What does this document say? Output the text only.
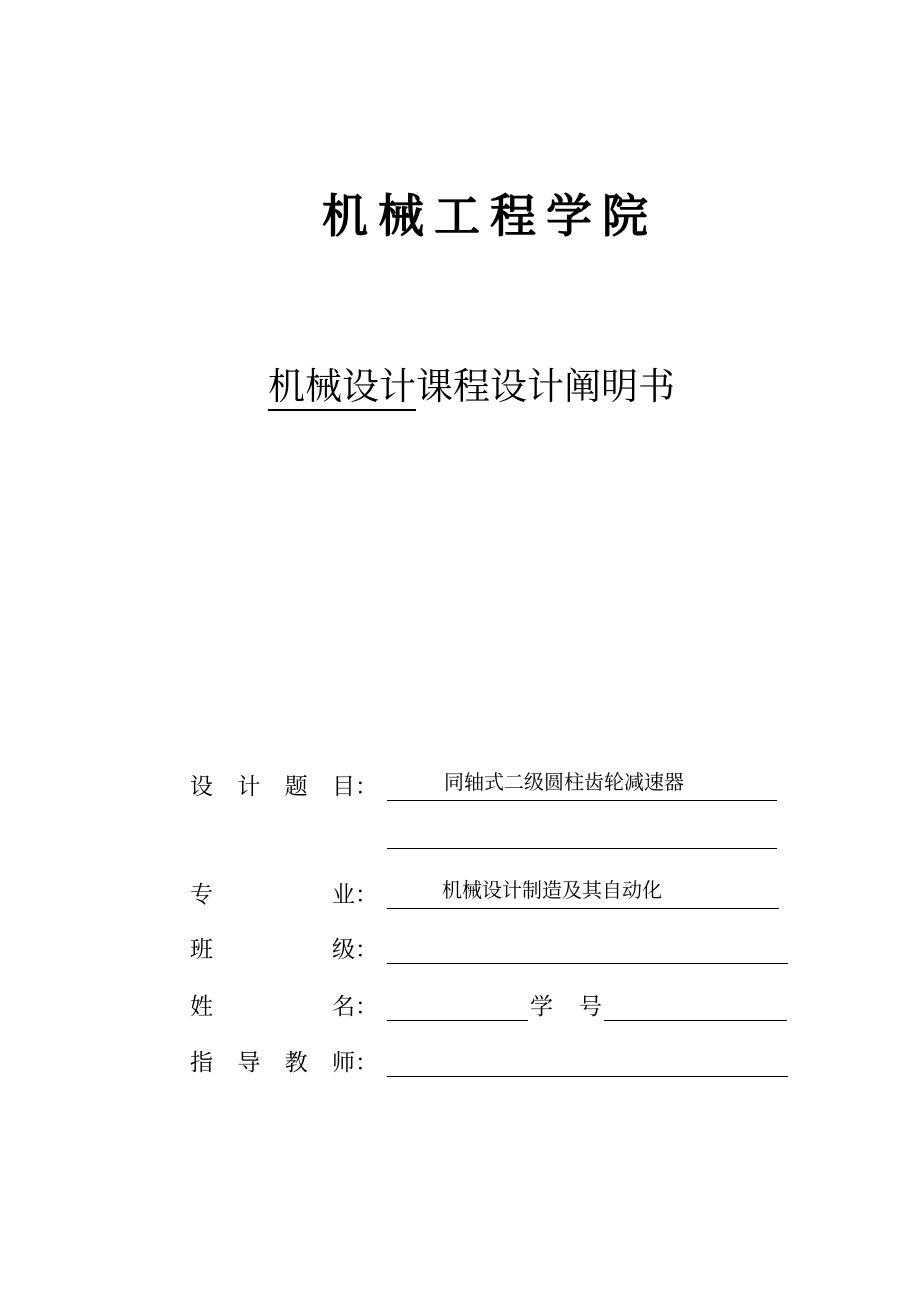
机械工程学院
机械设计课程设计阐明书
设 计 题 目：	同轴式二级圆柱齿轮减速器
专	业：	机械设计制造及其自动化
班	级：
姓	名：	学 号
指 导 教 师：
